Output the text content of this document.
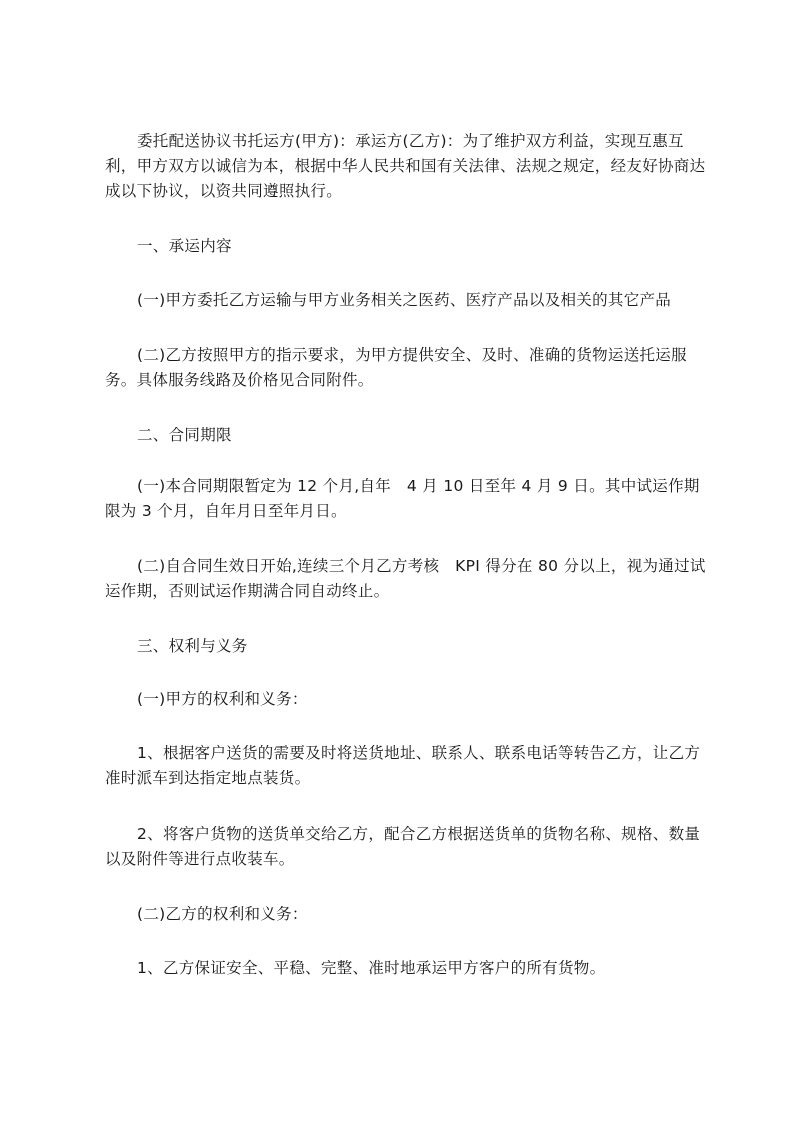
委托配送协议书托运方(甲方)：承运方(乙方)：为了维护双方利益，实现互惠互利，甲方双方以诚信为本，根据中华人民共和国有关法律、法规之规定，经友好协商达成以下协议，以资共同遵照执行。

一、承运内容

(一)甲方委托乙方运输与甲方业务相关之医药、医疗产品以及相关的其它产品

(二)乙方按照甲方的指示要求，为甲方提供安全、及时、准确的货物运送托运服务。具体服务线路及价格见合同附件。

二、合同期限

(一)本合同期限暂定为 12 个月,自年　4 月 10 日至年 4 月 9 日。其中试运作期限为 3 个月，自年月日至年月日。

(二)自合同生效日开始,连续三个月乙方考核　KPI 得分在 80 分以上，视为通过试运作期，否则试运作期满合同自动终止。

三、权利与义务

(一)甲方的权利和义务：

1、根据客户送货的需要及时将送货地址、联系人、联系电话等转告乙方，让乙方准时派车到达指定地点装货。

2、将客户货物的送货单交给乙方，配合乙方根据送货单的货物名称、规格、数量以及附件等进行点收装车。

(二)乙方的权利和义务：

1、乙方保证安全、平稳、完整、准时地承运甲方客户的所有货物。
